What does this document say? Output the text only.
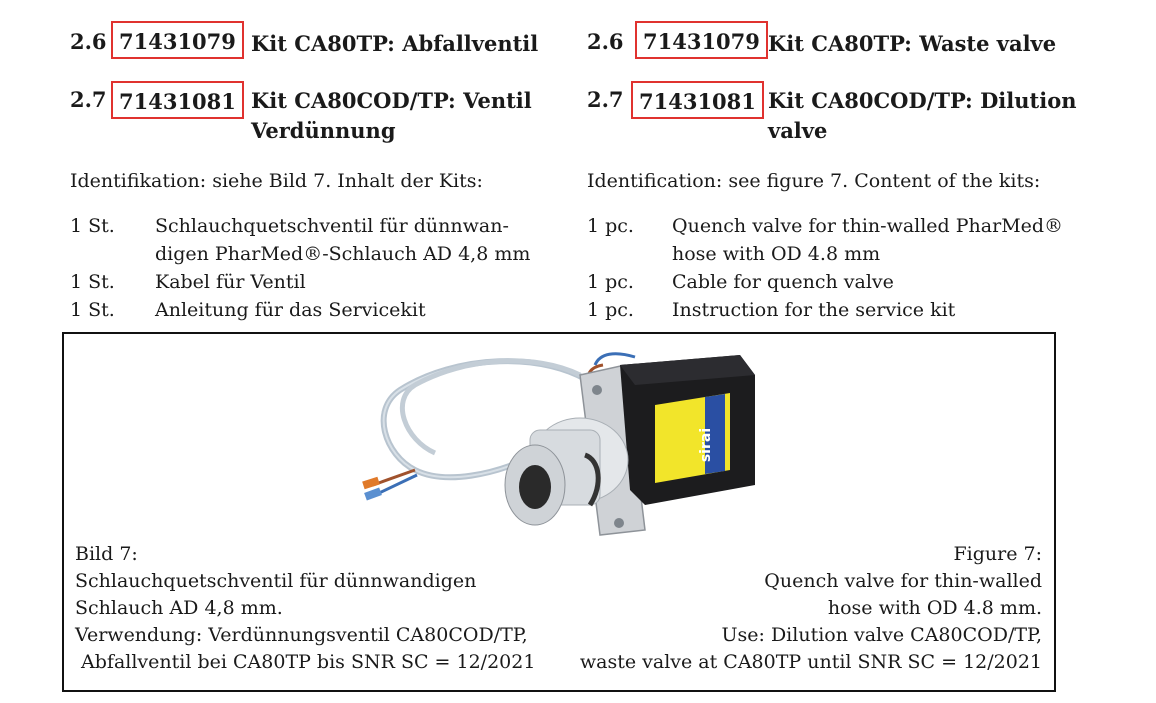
2.6 71431079 Kit CA80TP: Abfallventil
2.7 71431081 Kit CA80COD/TP: Ventil
Verdünnung
Identifikation: siehe Bild 7. Inhalt der Kits:
1 St. Schlauchquetschventil für dünnwan-
digen PharMed®-Schlauch AD 4,8 mm
1 St. Kabel für Ventil
1 St. Anleitung für das Servicekit
2.6 71431079 Kit CA80TP: Waste valve
2.7 71431081 Kit CA80COD/TP: Dilution
valve
Identification: see figure 7. Content of the kits:
1 pc. Quench valve for thin-walled PharMed®
hose with OD 4.8 mm
1 pc. Cable for quench valve
1 pc. Instruction for the service kit
sirai
Bild 7:
Schlauchquetschventil für dünnwandigen
Schlauch AD 4,8 mm.
Verwendung: Verdünnungsventil CA80COD/TP,
Abfallventil bei CA80TP bis SNR SC = 12/2021
Figure 7:
Quench valve for thin-walled
hose with OD 4.8 mm.
Use: Dilution valve CA80COD/TP,
waste valve at CA80TP until SNR SC = 12/2021
